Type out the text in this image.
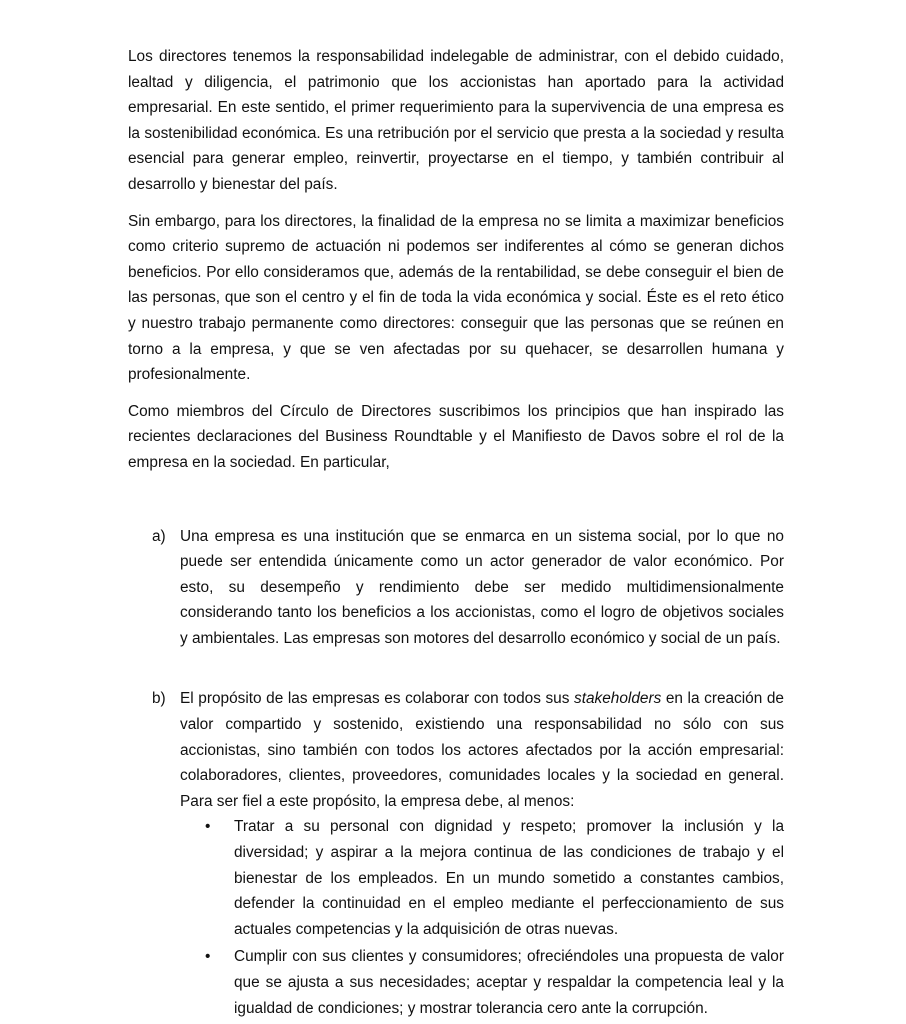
Los directores tenemos la responsabilidad indelegable de administrar, con el debido cuidado, lealtad y diligencia, el patrimonio que los accionistas han aportado para la actividad empresarial. En este sentido, el primer requerimiento para la supervivencia de una empresa es la sostenibilidad económica. Es una retribución por el servicio que presta a la sociedad y resulta esencial para generar empleo, reinvertir, proyectarse en el tiempo, y también contribuir al desarrollo y bienestar del país.

Sin embargo, para los directores, la finalidad de la empresa no se limita a maximizar beneficios como criterio supremo de actuación ni podemos ser indiferentes al cómo se generan dichos beneficios. Por ello consideramos que, además de la rentabilidad, se debe conseguir el bien de las personas, que son el centro y el fin de toda la vida económica y social. Éste es el reto ético y nuestro trabajo permanente como directores: conseguir que las personas que se reúnen en torno a la empresa, y que se ven afectadas por su quehacer, se desarrollen humana y profesionalmente.

Como miembros del Círculo de Directores suscribimos los principios que han inspirado las recientes declaraciones del Business Roundtable y el Manifiesto de Davos sobre el rol de la empresa en la sociedad. En particular,

a) Una empresa es una institución que se enmarca en un sistema social, por lo que no puede ser entendida únicamente como un actor generador de valor económico. Por esto, su desempeño y rendimiento debe ser medido multidimensionalmente considerando tanto los beneficios a los accionistas, como el logro de objetivos sociales y ambientales. Las empresas son motores del desarrollo económico y social de un país.
b) El propósito de las empresas es colaborar con todos sus stakeholders en la creación de valor compartido y sostenido, existiendo una responsabilidad no sólo con sus accionistas, sino también con todos los actores afectados por la acción empresarial: colaboradores, clientes, proveedores, comunidades locales y la sociedad en general. Para ser fiel a este propósito, la empresa debe, al menos:
• Tratar a su personal con dignidad y respeto; promover la inclusión y la diversidad; y aspirar a la mejora continua de las condiciones de trabajo y el bienestar de los empleados. En un mundo sometido a constantes cambios, defender la continuidad en el empleo mediante el perfeccionamiento de sus actuales competencias y la adquisición de otras nuevas.
• Cumplir con sus clientes y consumidores; ofreciéndoles una propuesta de valor que se ajusta a sus necesidades; aceptar y respaldar la competencia leal y la igualdad de condiciones; y mostrar tolerancia cero ante la corrupción.
